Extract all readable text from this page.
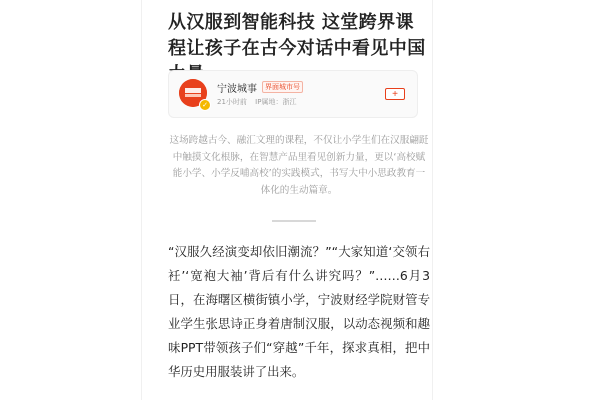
从汉服到智能科技 这堂跨界课程让孩子在古今对话中看见中国
✓
宁波城事	界面城市号
21小时前 IP属地：浙江
+

这场跨越古今、融汇文理的课程，不仅让小学生们在汉服翩跹中触摸文化根脉，在智慧产品里看见创新力量，更以‘高校赋能小学、小学反哺高校’的实践模式，书写大中小思政教育一体化的生动篇章。

“汉服久经演变却依旧潮流？”“大家知道‘交领右衽’‘宽袍大袖’背后有什么讲究吗？”……6月3日，在海曙区横街镇小学，宁波财经学院财管专业学生张思诗正身着唐制汉服，以动态视频和趣味PPT带领孩子们“穿越”千年，探求真相，把中华历史用服装讲了出来。
